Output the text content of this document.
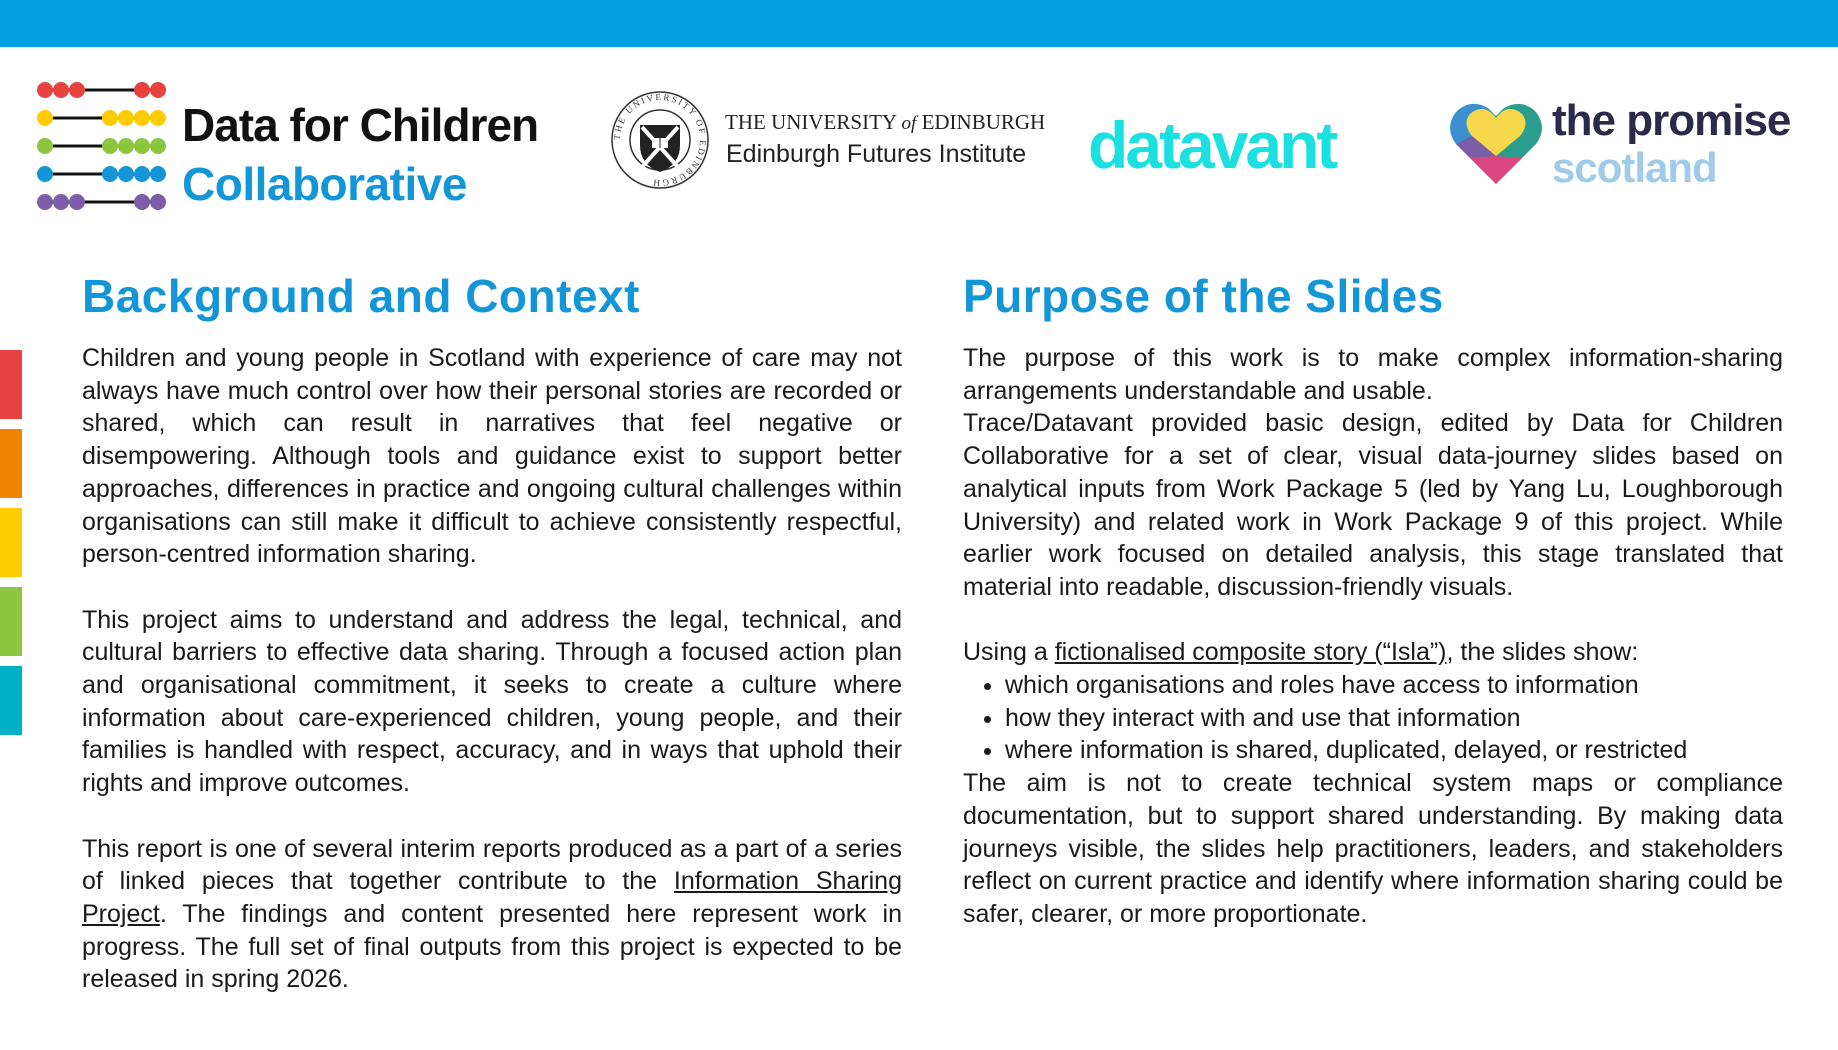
Data for Children
Collaborative
THE UNIVERSITY OF EDINBURGH
THE UNIVERSITY of EDINBURGH
Edinburgh Futures Institute datavant	the promise
scotland
Background and Context

Children and young people in Scotland with experience of care may not always have much control over how their personal stories are recorded or shared, which can result in narratives that feel negative or disempowering. Although tools and guidance exist to support better approaches, differences in practice and ongoing cultural challenges within organisations can still make it difficult to achieve consistently respectful, person-centred information sharing.

This project aims to understand and address the legal, technical, and cultural barriers to effective data sharing. Through a focused action plan and organisational commitment, it seeks to create a culture where information about care-experienced children, young people, and their families is handled with respect, accuracy, and in ways that uphold their rights and improve outcomes.

This report is one of several interim reports produced as a part of a series of linked pieces that together contribute to the Information Sharing Project. The findings and content presented here represent work in progress. The full set of final outputs from this project is expected to be released in spring 2026.

Purpose of the Slides

The purpose of this work is to make complex information-sharing arrangements understandable and usable.

Trace/Datavant provided basic design, edited by Data for Children Collaborative for a set of clear, visual data-journey slides based on analytical inputs from Work Package 5 (led by Yang Lu, Loughborough University) and related work in Work Package 9 of this project. While earlier work focused on detailed analysis, this stage translated that material into readable, discussion-friendly visuals.

Using a fictionalised composite story (“Isla”), the slides show:

• which organisations and roles have access to information
• how they interact with and use that information
• where information is shared, duplicated, delayed, or restricted

The aim is not to create technical system maps or compliance documentation, but to support shared understanding. By making data journeys visible, the slides help practitioners, leaders, and stakeholders reflect on current practice and identify where information sharing could be safer, clearer, or more proportionate.
